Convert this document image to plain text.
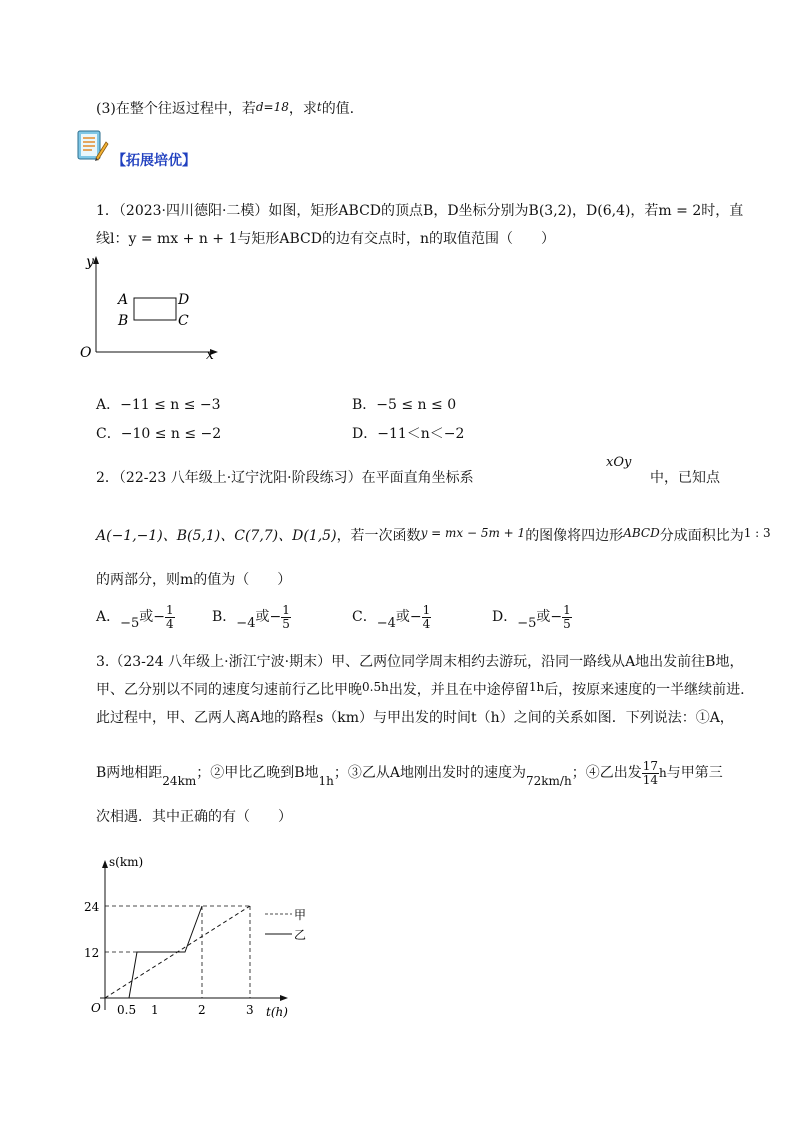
(3)在整个往返过程中，若d=18，求t的值.
【拓展培优】
1．（2023·四川德阳·二模）如图，矩形ABCD的顶点B，D坐标分别为B(3,2)，D(6,4)，若m = 2时，直
线l：y = mx + n + 1与矩形ABCD的边有交点时，n的取值范围（　　）
y
x
O
A
B	C
D
A．−11 ≤ n ≤ −3	B．−5 ≤ n ≤ 0
C．−10 ≤ n ≤ −2	D．−11＜n＜−2
2．（22-23 八年级上·辽宁沈阳·阶段练习）在平面直角坐标系
xOy
中，已知点
A(−1,−1)、B(5,1)、C(7,7)、D(1,5)，若一次函数y = mx − 5m + 1的图像将四边形ABCD分成面积比为1 : 3
的两部分，则m的值为（　　）
A．−5或− $\frac{1}{4}$	B．−4或− $\frac{1}{5}$	C．−4或− $\frac{1}{4}$	D．−5或− $\frac{1}{5}$
3.（23-24 八年级上·浙江宁波·期末）甲、乙两位同学周末相约去游玩，沿同一路线从A地出发前往B地，
甲、乙分别以不同的速度匀速前行乙比甲晚0.5h出发，并且在中途停留1h后，按原来速度的一半继续前进.
此过程中，甲、乙两人离A地的路程s（km）与甲出发的时间t（h）之间的关系如图．下列说法：①A，
B两地相距24km；②甲比乙晚到B地1h；③乙从A地刚出发时的速度为72km/h；④乙出发 $\frac{17}{14}$ h与甲第三
次相遇．其中正确的有（　　）
s(km)
t(h)
O
24
12
0.5 1	2	3
甲
乙
